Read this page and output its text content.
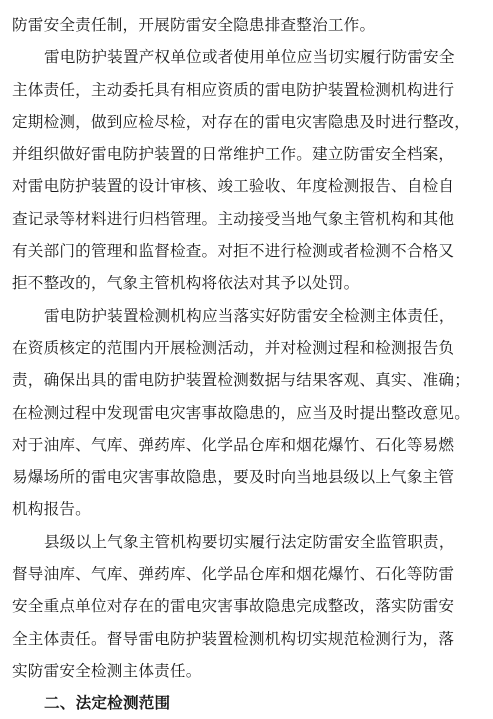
防雷安全责任制，开展防雷安全隐患排查整治工作。
雷电防护装置产权单位或者使用单位应当切实履行防雷安全
主体责任，主动委托具有相应资质的雷电防护装置检测机构进行
定期检测，做到应检尽检，对存在的雷电灾害隐患及时进行整改，
并组织做好雷电防护装置的日常维护工作。建立防雷安全档案，
对雷电防护装置的设计审核、竣工验收、年度检测报告、自检自
查记录等材料进行归档管理。主动接受当地气象主管机构和其他
有关部门的管理和监督检查。对拒不进行检测或者检测不合格又
拒不整改的，气象主管机构将依法对其予以处罚。
雷电防护装置检测机构应当落实好防雷安全检测主体责任，
在资质核定的范围内开展检测活动，并对检测过程和检测报告负
责，确保出具的雷电防护装置检测数据与结果客观、真实、准确；
在检测过程中发现雷电灾害事故隐患的，应当及时提出整改意见。
对于油库、气库、弹药库、化学品仓库和烟花爆竹、石化等易燃
易爆场所的雷电灾害事故隐患，要及时向当地县级以上气象主管
机构报告。
县级以上气象主管机构要切实履行法定防雷安全监管职责，
督导油库、气库、弹药库、化学品仓库和烟花爆竹、石化等防雷
安全重点单位对存在的雷电灾害事故隐患完成整改，落实防雷安
全主体责任。督导雷电防护装置检测机构切实规范检测行为，落
实防雷安全检测主体责任。
二、法定检测范围
